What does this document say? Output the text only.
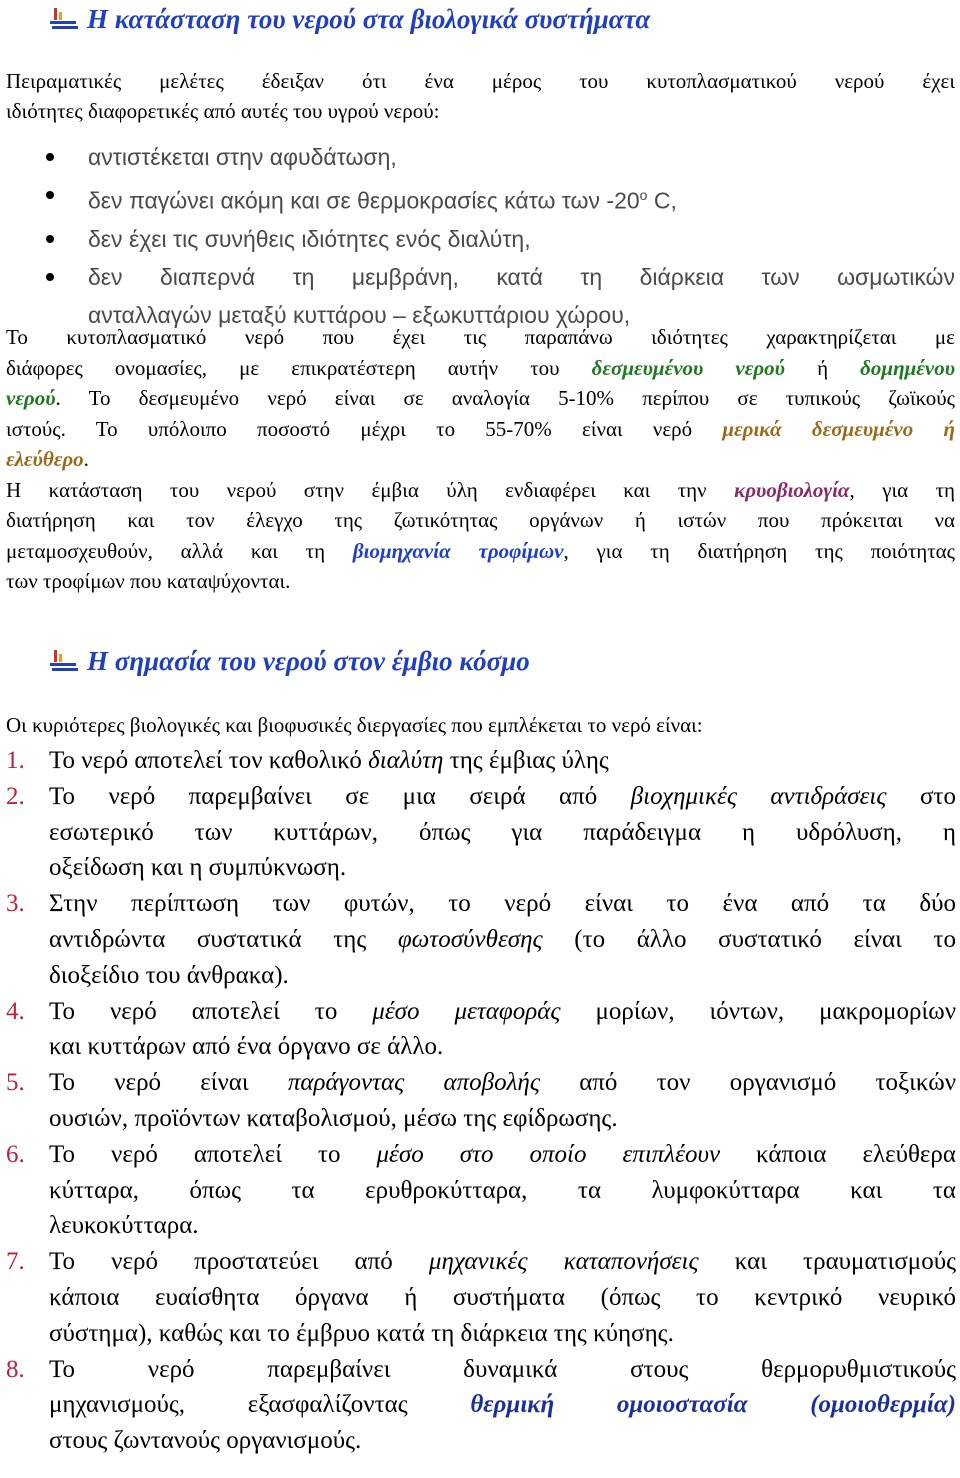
Η κατάσταση του νερού στα βιολογικά συστήματα
Πειραματικές μελέτες έδειξαν ότι ένα μέρος του κυτοπλασματικού νερού έχει
ιδιότητες διαφορετικές από αυτές του υγρού νερού:
αντιστέκεται στην αφυδάτωση,
δεν παγώνει ακόμη και σε θερμοκρασίες κάτω των $-20^o$ C,
δεν έχει τις συνήθεις ιδιότητες ενός διαλύτη,
δεν διαπερνά τη μεμβράνη, κατά τη διάρκεια των ωσμωτικών
ανταλλαγών μεταξύ κυττάρου – εξωκυττάριου χώρου,
Το κυτοπλασματικό νερό που έχει τις παραπάνω ιδιότητες χαρακτηρίζεται με
διάφορες ονομασίες, με επικρατέστερη αυτήν του δεσμευμένου νερού ή δομημένου
νερού. Το δεσμευμένο νερό είναι σε αναλογία 5-10% περίπου σε τυπικούς ζωϊκούς
ιστούς. Το υπόλοιπο ποσοστό μέχρι το 55-70% είναι νερό μερικά δεσμευμένο ή
ελεύθερο.
Η κατάσταση του νερού στην έμβια ύλη ενδιαφέρει και την κρυοβιολογία, για τη
διατήρηση και τον έλεγχο της ζωτικότητας οργάνων ή ιστών που πρόκειται να
μεταμοσχευθούν, αλλά και τη βιομηχανία τροφίμων, για τη διατήρηση της ποιότητας
των τροφίμων που καταψύχονται.
Η σημασία του νερού στον έμβιο κόσμο
Οι κυριότερες βιολογικές και βιοφυσικές διεργασίες που εμπλέκεται το νερό είναι:
1. Το νερό αποτελεί τον καθολικό διαλύτη της έμβιας ύλης
2. Το νερό παρεμβαίνει σε μια σειρά από βιοχημικές αντιδράσεις στο
εσωτερικό των κυττάρων, όπως για παράδειγμα η υδρόλυση, η
οξείδωση και η συμπύκνωση.
3. Στην περίπτωση των φυτών, το νερό είναι το ένα από τα δύο
αντιδρώντα συστατικά της φωτοσύνθεσης (το άλλο συστατικό είναι το
διοξείδιο του άνθρακα).
4. Το νερό αποτελεί το μέσο μεταφοράς μορίων, ιόντων, μακρομορίων
και κυττάρων από ένα όργανο σε άλλο.
5. Το νερό είναι παράγοντας αποβολής από τον οργανισμό τοξικών
ουσιών, προϊόντων καταβολισμού, μέσω της εφίδρωσης.
6. Το νερό αποτελεί το μέσο στο οποίο επιπλέουν κάποια ελεύθερα
κύτταρα, όπως τα ερυθροκύτταρα, τα λυμφοκύτταρα και τα
λευκοκύτταρα.
7. Το νερό προστατεύει από μηχανικές καταπονήσεις και τραυματισμούς
κάποια ευαίσθητα όργανα ή συστήματα (όπως το κεντρικό νευρικό
σύστημα), καθώς και το έμβρυο κατά τη διάρκεια της κύησης.
8. Το νερό παρεμβαίνει δυναμικά στους θερμορυθμιστικούς
μηχανισμούς, εξασφαλίζοντας θερμική ομοιοστασία (ομοιοθερμία)
στους ζωντανούς οργανισμούς.
